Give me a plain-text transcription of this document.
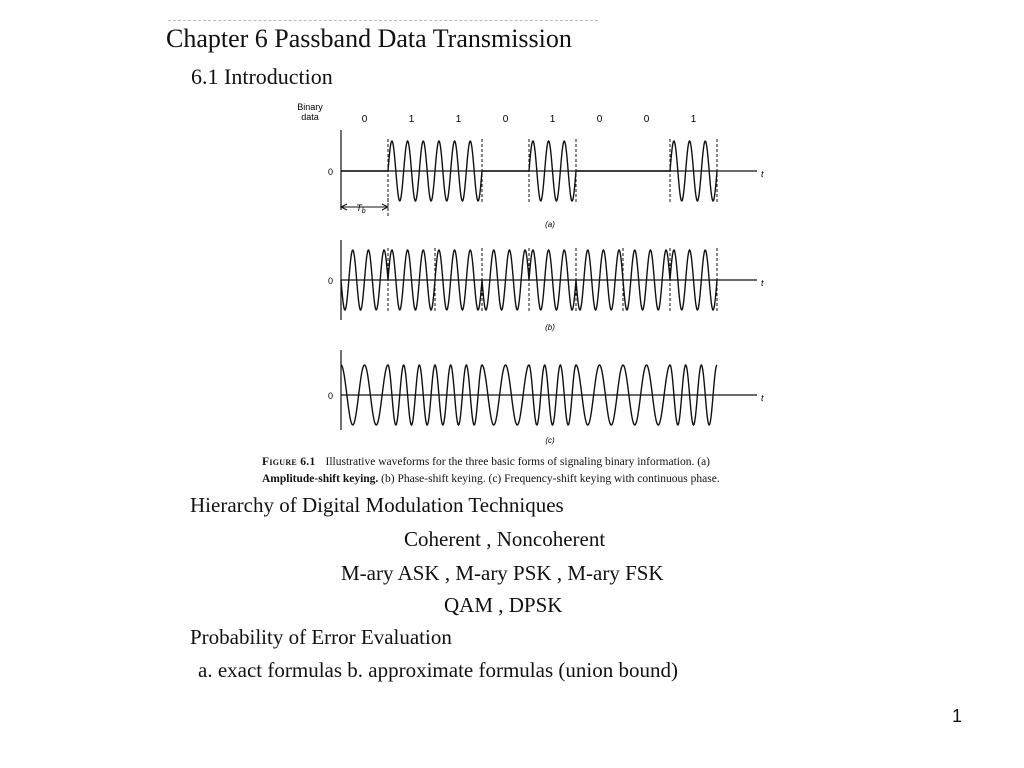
Chapter 6 Passband Data Transmission
6.1 Introduction
Binary
data	0	1	1	0	1	0	0	1
0	t
$T_b$
(a)
0	t
(b)
0	t
(c)
Figure 6.1 Illustrative waveforms for the three basic forms of signaling binary information. (a)
Amplitude-shift keying. (b) Phase-shift keying. (c) Frequency-shift keying with continuous phase.
Hierarchy of Digital Modulation Techniques
Coherent , Noncoherent
M-ary ASK , M-ary PSK , M-ary FSK
QAM , DPSK
Probability of Error Evaluation
a. exact formulas b. approximate formulas (union bound)
1
